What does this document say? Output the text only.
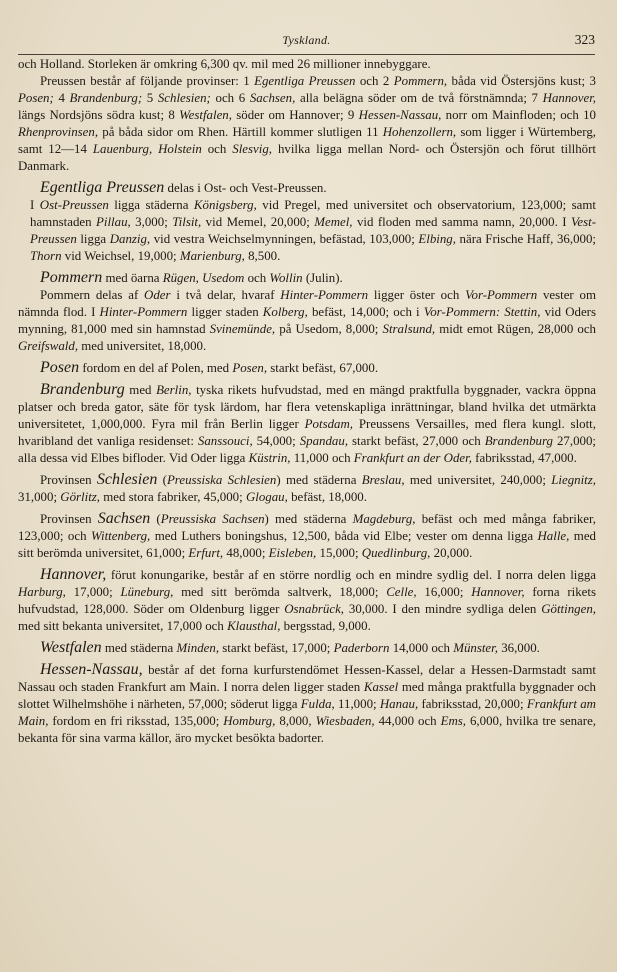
Tyskland.	323

och Holland. Storleken är omkring 6,300 qv. mil med 26 millioner innebyggare.

Preussen består af följande provinser: 1 Egentliga Preussen och 2 Pommern, båda vid Östersjöns kust; 3 Posen; 4 Brandenburg; 5 Schlesien; och 6 Sachsen, alla belägna söder om de två förstnämnda; 7 Hannover, längs Nordsjöns södra kust; 8 Westfalen, söder om Hannover; 9 Hessen-Nassau, norr om Mainfloden; och 10 Rhenprovinsen, på båda sidor om Rhen. Härtill kommer slutligen 11 Hohenzollern, som ligger i Würtemberg, samt 12—14 Lauenburg, Holstein och Slesvig, hvilka ligga mellan Nord- och Östersjön och förut tillhört Danmark.

Egentliga Preussen delas i Ost- och Vest-Preussen.

I Ost-Preussen ligga städerna Königsberg, vid Pregel, med universitet och observatorium, 123,000; samt hamnstaden Pillau, 3,000; Tilsit, vid Memel, 20,000; Memel, vid floden med samma namn, 20,000. I Vest-Preussen ligga Danzig, vid vestra Weichselmynningen, befästad, 103,000; Elbing, nära Frische Haff, 36,000; Thorn vid Weichsel, 19,000; Marienburg, 8,500.

Pommern med öarna Rügen, Usedom och Wollin (Julin).

Pommern delas af Oder i två delar, hvaraf Hinter-Pommern ligger öster och Vor-Pommern vester om nämnda flod. I Hinter-Pommern ligger staden Kolberg, befäst, 14,000; och i Vor-Pommern: Stettin, vid Oders mynning, 81,000 med sin hamnstad Svinemünde, på Usedom, 8,000; Stralsund, midt emot Rügen, 28,000 och Greifswald, med universitet, 18,000.

Posen fordom en del af Polen, med Posen, starkt befäst, 67,000.

Brandenburg med Berlin, tyska rikets hufvudstad, med en mängd praktfulla byggnader, vackra öppna platser och breda gator, säte för tysk lärdom, har flera vetenskapliga inrättningar, bland hvilka det utmärkta universitetet, 1,000,000. Fyra mil från Berlin ligger Potsdam, Preussens Versailles, med flera kungl. slott, hvaribland det vanliga residenset: Sanssouci, 54,000; Spandau, starkt befäst, 27,000 och Brandenburg 27,000; alla dessa vid Elbes bifloder. Vid Oder ligga Küstrin, 11,000 och Frankfurt an der Oder, fabriksstad, 47,000.

Provinsen Schlesien (Preussiska Schlesien) med städerna Breslau, med universitet, 240,000; Liegnitz, 31,000; Görlitz, med stora fabriker, 45,000; Glogau, befäst, 18,000.

Provinsen Sachsen (Preussiska Sachsen) med städerna Magdeburg, befäst och med många fabriker, 123,000; och Wittenberg, med Luthers boningshus, 12,500, båda vid Elbe; vester om denna ligga Halle, med sitt berömda universitet, 61,000; Erfurt, 48,000; Eisleben, 15,000; Quedlinburg, 20,000.

Hannover, förut konungarike, består af en större nordlig och en mindre sydlig del. I norra delen ligga Harburg, 17,000; Lüneburg, med sitt berömda saltverk, 18,000; Celle, 16,000; Hannover, forna rikets hufvudstad, 128,000. Söder om Oldenburg ligger Osnabrück, 30,000. I den mindre sydliga delen Göttingen, med sitt bekanta universitet, 17,000 och Klausthal, bergsstad, 9,000.

Westfalen med städerna Minden, starkt befäst, 17,000; Paderborn 14,000 och Münster, 36,000.

Hessen-Nassau, består af det forna kurfurstendömet Hessen-Kassel, delar a Hessen-Darmstadt samt Nassau och staden Frankfurt am Main. I norra delen ligger staden Kassel med många praktfulla byggnader och slottet Wilhelmshöhe i närheten, 57,000; söderut ligga Fulda, 11,000; Hanau, fabriksstad, 20,000; Frankfurt am Main, fordom en fri riksstad, 135,000; Homburg, 8,000, Wiesbaden, 44,000 och Ems, 6,000, hvilka tre senare, bekanta för sina varma källor, äro mycket besökta badorter.
